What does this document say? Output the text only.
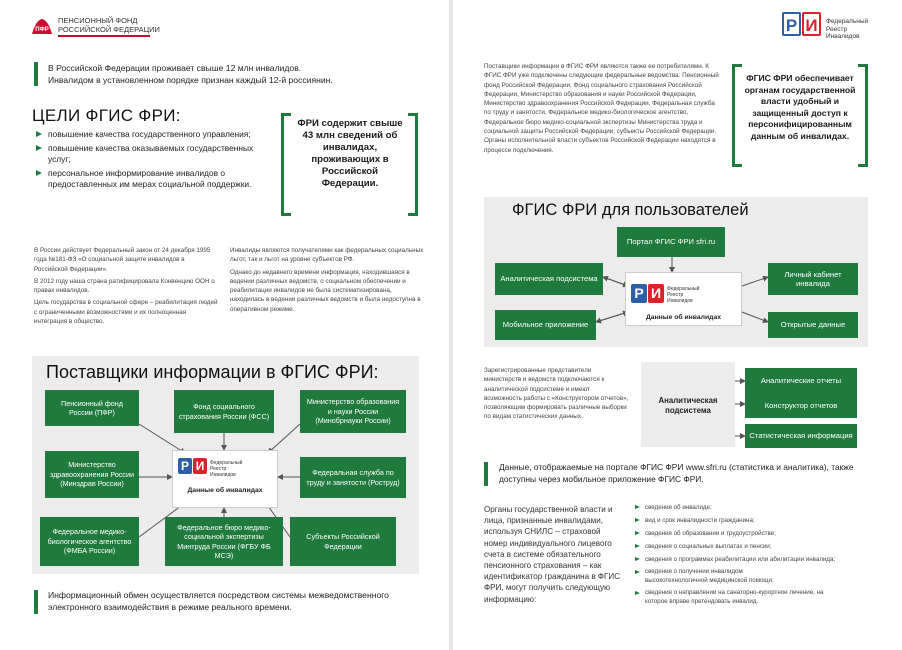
ПФР
ПЕНСИОННЫЙ ФОНД
РОССИЙСКОЙ ФЕДЕРАЦИИ
В Российской Федерации проживает свыше 12 млн инвалидов.
Инвалидом в установленном порядке признан каждый 12-й россиянин.
ЦЕЛИ ФГИС ФРИ:
повышение качества государственного управления;
повышение качества оказываемых государственных услуг;
персональное информирование инвалидов о предоставленных им мерах социальной поддержки.
ФРИ содержит свыше 43 млн сведений об инвалидах, проживающих в Российской Федерации.

В России действует Федеральный закон от 24 декабря 1995 года №181-ФЗ «О социальной защите инвалидов в Российской Федерации».

В 2012 году наша страна ратифицировала Конвенцию ООН о правах инвалидов.

Цель государства в социальной сфере – реабилитация людей с ограниченными возможностями и их полноценная интеграция в общество.

Инвалиды являются получателями как федеральных социальных льгот, так и льгот на уровне субъектов РФ.

Однако до недавнего времени информация, находившаяся в ведении различных ведомств, о социальном обеспечении и реабилитации инвалидов не была систематизирована, находилась в ведении различных ведомств и была недоступна в оперативном режиме.

Поставщики информации в ФГИС ФРИ:
Пенсионный фонд России (ПФР)
Фонд социального страхования России (ФСС)
Министерство образования и науки России (Минобрнауки России)
Министерство здравоохранения России (Минздрав России)
Федеральная служба по труду и занятости (Роструд)
Федеральное медико-биологическое агентство (ФМБА России)
Федеральное бюро медико-социальной экспертизы Минтруда России (ФГБУ ФБ МСЭ)
Субъекты Российской Федерации
Р И	Федеральный
Реестр
Инвалидов
Данные об инвалидах
Информационный обмен осуществляется посредством системы межведомственного электронного взаимодействия в режиме реального времени.
Р И	Федеральный
Реестр
Инвалидов
Поставщики информации в ФГИС ФРИ являются также ее потребителями. К ФГИС ФРИ уже подключены следующие федеральные ведомства: Пенсионный фонд Российской Федерации, Фонд социального страхования Российской Федерации, Министерство образования и науки Российской Федерации, Министерство здравоохранения Российской Федерации, Федеральная служба по труду и занятости, Федеральное медико-биологическое агентство, Федеральное бюро медико-социальной экспертизы Министерства труда и социальной защиты Российской Федерации, субъекты Российской Федерации. Органы исполнительной власти субъектов Российской Федерации находятся в процессе подключения.
ФГИС ФРИ обеспечивает органам государственной власти удобный и защищенный доступ к персонифицированным данным об инвалидах.
ФГИС ФРИ для пользователей
Портал ФГИС ФРИ sfri.ru
Аналитическая подсистема
Личный кабинет инвалида
Мобильное приложение	Открытые данные
Р И	Федеральный
Реестр
Инвалидов
Данные об инвалидах
Зарегистрированные представители министерств и ведомств подключаются к аналитической подсистеме и имеют возможность работы с «Конструктором отчетов», позволяющим формировать различные выборки по видам статистических данных.
Аналитическая подсистема
Аналитические отчеты
Конструктор отчетов
Статистическая информация
Данные, отображаемые на портале ФГИС ФРИ www.sfri.ru (статистика и аналитика), также доступны через мобильное приложение ФГИС ФРИ.
Органы государственной власти и лица, признанные инвалидами, используя СНИЛС – страховой номер индивидуального лицевого счета в системе обязательного пенсионного страхования – как идентификатор гражданина в ФГИС ФРИ, могут получить следующую информацию:
сведения об инвалиде;
вид и срок инвалидности гражданина;
сведения об образовании и трудоустройстве;
сведения о социальных выплатах и пенсии;
сведения о программах реабилитации или абилитации инвалида;
сведения о получении инвалидом высокотехнологичной медицинской помощи;
сведения о направлении на санаторно-курортное лечение, на которое вправе претендовать инвалид.
